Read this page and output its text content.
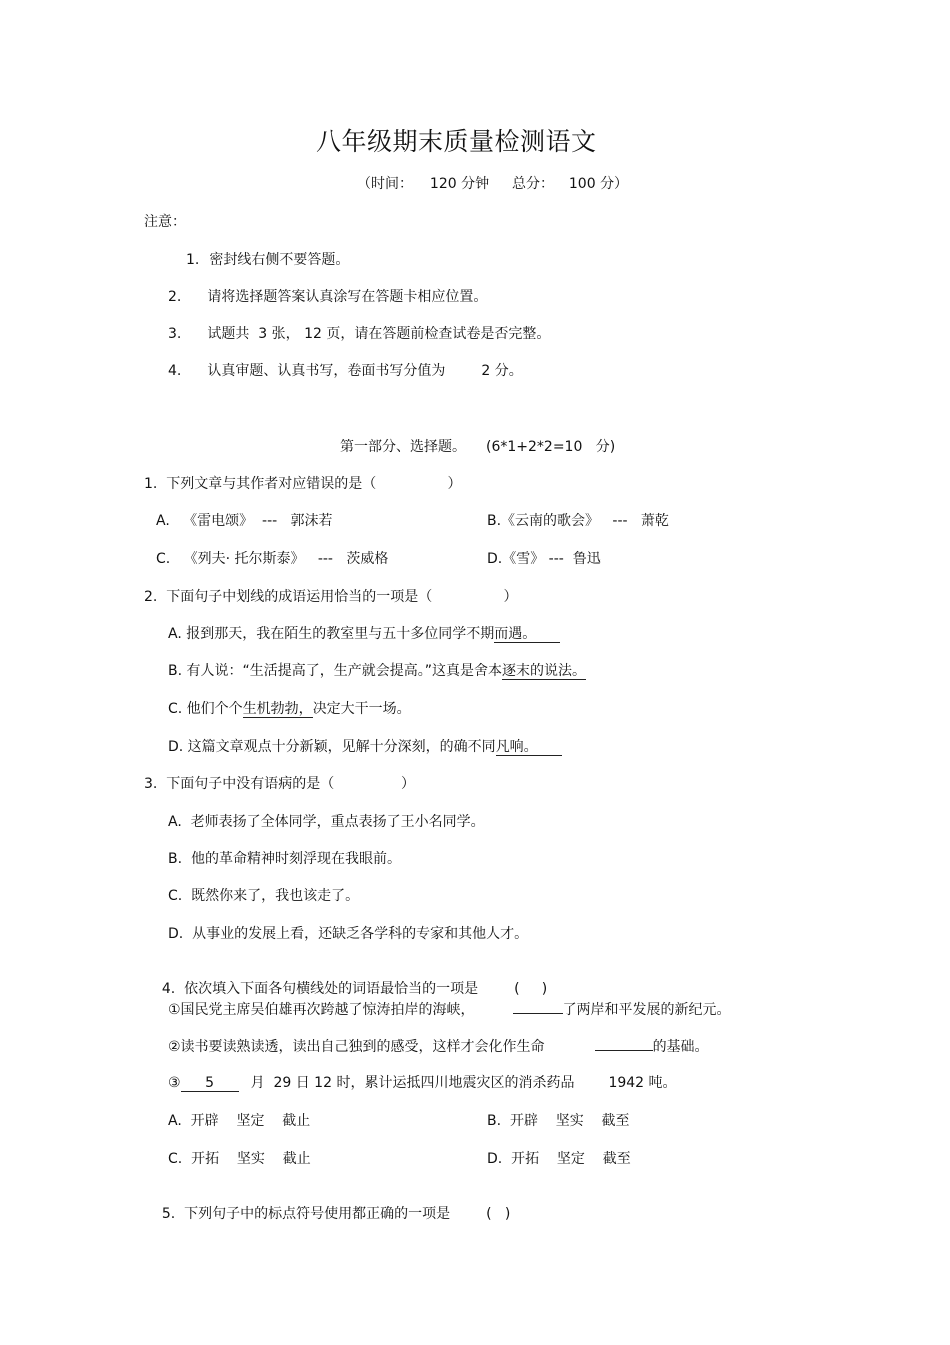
八年级期末质量检测语文
（时间： 120 分钟 总分： 100 分）
注意：
1. 密封线右侧不要答题。
2. 请将选择题答案认真涂写在答题卡相应位置。
3. 试题共  3 张， 12 页，请在答题前检查试卷是否完整。
4. 认真审题、认真书写，卷面书写分值为	2 分。
第一部分、选择题。 (6*1+2*2=10   分)
1.  下列文章与其作者对应错误的是（                ）
A.   《雷电颂》  ---   郭沫若	B.《云南的歌会》   ---   萧乾
C.   《列夫· 托尔斯泰》   ---   茨威格	D.《雪》 ---  鲁迅
2.  下面句子中划线的成语运用恰当的一项是（                ）
A. 报到那天，我在陌生的教室里与五十多位同学不期而遇。
B. 有人说：“生活提高了，生产就会提高。”这真是舍本逐末的说法。
C. 他们个个生机勃勃，决定大干一场。
D. 这篇文章观点十分新颖，见解十分深刻，的确不同凡响。
3.  下面句子中没有语病的是（               ）
A.  老师表扬了全体同学，重点表扬了王小名同学。
B.  他的革命精神时刻浮现在我眼前。
C.  既然你来了，我也该走了。
D.  从事业的发展上看，还缺乏各学科的专家和其他人才。

4.  依次填入下面各句横线处的词语最恰当的一项是	(     )

①国民党主席吴伯雄再次跨越了惊涛拍岸的海峡，	了两岸和平发展的新纪元。
②读书要读熟读透，读出自己独到的感受，这样才会化作生命	的基础。
③ 5	月  29 日 12 时，累计运抵四川地震灾区的消杀药品 1942 吨。
A.  开辟    坚定    截止	B.  开辟    坚实    截至
C.  开拓    坚实    截止	D.  开拓    坚定    截至

5.  下列句子中的标点符号使用都正确的一项是	(   )
